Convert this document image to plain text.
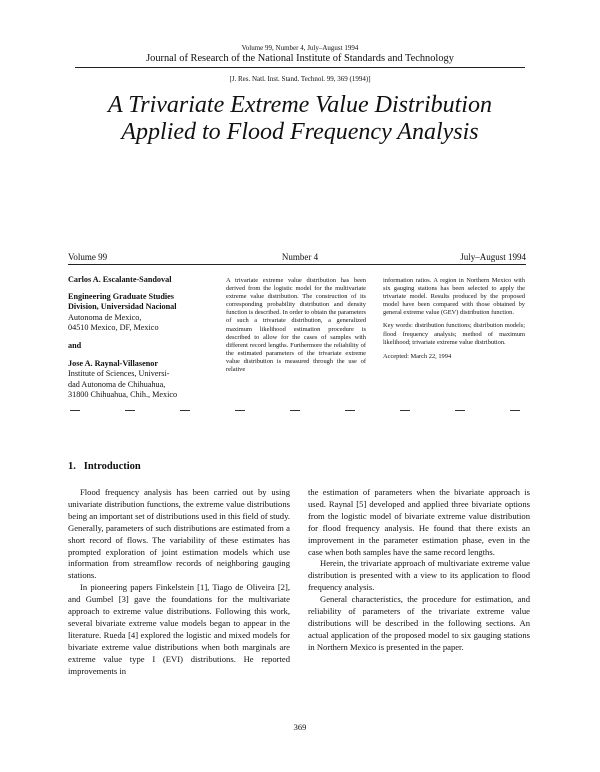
Volume 99, Number 4, July–August 1994
Journal of Research of the National Institute of Standards and Technology
[J. Res. Natl. Inst. Stand. Technol. 99, 369 (1994)]
A Trivariate Extreme Value Distribution
Applied to Flood Frequency Analysis
Volume 99	Number 4	July–August 1994
Carlos A. Escalante-Sandoval
Engineering Graduate Studies
Division, Universidad Nacional
Autonoma de Mexico,
04510 Mexico, DF, Mexico
and
Jose A. Raynal-Villasenor
Institute of Sciences, Universi-
dad Autonoma de Chihuahua,
31800 Chihuahua, Chih., Mexico
A trivariate extreme value distribution has been derived from the logistic model for the multivariate extreme value distribution. The construction of its corresponding probability distribution and density function is described. In order to obtain the parameters of such a trivariate distribution, a generalized maximum likelihood estimation procedure is described to allow for the cases of samples with different record lengths. Furthermore the reliability of the estimated parameters of the trivariate extreme value distribution is measured through the use of relative
information ratios. A region in Northern Mexico with six gauging stations has been selected to apply the trivariate model. Results produced by the proposed model have been compared with those obtained by general extreme value (GEV) distribution function.
Key words: distribution functions; distribution models; flood frequency analysis; method of maximum likelihood; trivariate extreme value distribution.
Accepted: March 22, 1994
1.   Introduction

Flood frequency analysis has been carried out by using univariate distribution functions, the extreme value distributions being an important set of distributions used in this field of study. Generally, parameters of such distributions are estimated from a short record of flows. The variability of these estimates has prompted exploration of joint estimation models which use information from streamflow records of neighboring gauging stations.

In pioneering papers Finkelstein [1], Tiago de Oliveira [2], and Gumbel [3] gave the foundations for the multivariate approach to extreme value distributions. Following this work, several bivariate extreme value models began to appear in the literature. Rueda [4] explored the logistic and mixed models for bivariate extreme value distributions when both marginals are extreme value type I (EVI) distributions. He reported improvements in

the estimation of parameters when the bivariate approach is used. Raynal [5] developed and applied three bivariate options from the logistic model of bivariate extreme value distribution for flood frequency analysis. He found that there exists an improvement in the parameter estimation phase, even in the case when both samples have the same record lengths.

Herein, the trivariate approach of multivariate extreme value distribution is presented with a view to its application to flood frequency analysis.

General characteristics, the procedure for estimation, and reliability of parameters of the trivariate extreme value distributions will be described in the following sections. An actual application of the proposed model to six gauging stations in Northern Mexico is presented in the paper.

369
